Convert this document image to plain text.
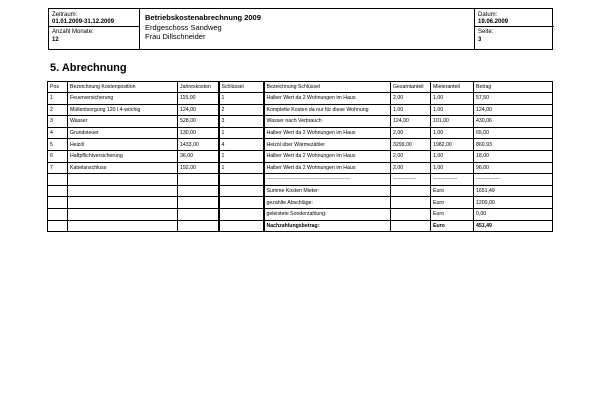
Zeitraum:
01.01.2009-31.12.2009
Anzahl Monate:
12
Betriebskostenabrechnung 2009
Erdgeschoss Sandweg
Frau Dillschneider
Datum:
19.06.2009
Seite:
3
5. Abrechnung
Pos	Bezeichnung Kostenposition	Jahreskosten	Schlüssel	Bezeichnung Schlüssel	Gesamtanteil	Mieteranteil	Betrag
1	Feuerversicherung	115,00	1	Halber Wert da 2 Wohnungen im Haus	2,00	1,00	57,50
2	Müllentsorgung 120 l 4-wöchig	124,00	2	Komplette Kosten da nur für diese Wohnung	1,00	1,00	124,00
3	Wasser	528,00	3	Wasser nach Verbrauch	124,00	101,00	430,06
4	Grundsteuer	130,00	1	Halber Wert da 2 Wohnungen im Haus	2,00	1,00	65,00
5	Heizöl	1433,00	4	Heizöl über Wärmezähler	3299,00	1982,00	860,93
6	Haftpflichtversicherung	36,00	1	Halber Wert da 2 Wohnungen im Haus	2,00	1,00	18,00
7	Kabelanschluss	192,00	1	Halber Wert da 2 Wohnungen im Haus	2,00	1,00	96,00
				--------------------------------------------------------	---------------	----------------	----------------
				Summe Kosten Mieter:		Euro	1651,49
				gezahlte Abschläge:		Euro	1200,00
				geleistete Sonderzahlung:		Euro	0,00
				Nachzahlungsbetrag:		Euro	451,49
